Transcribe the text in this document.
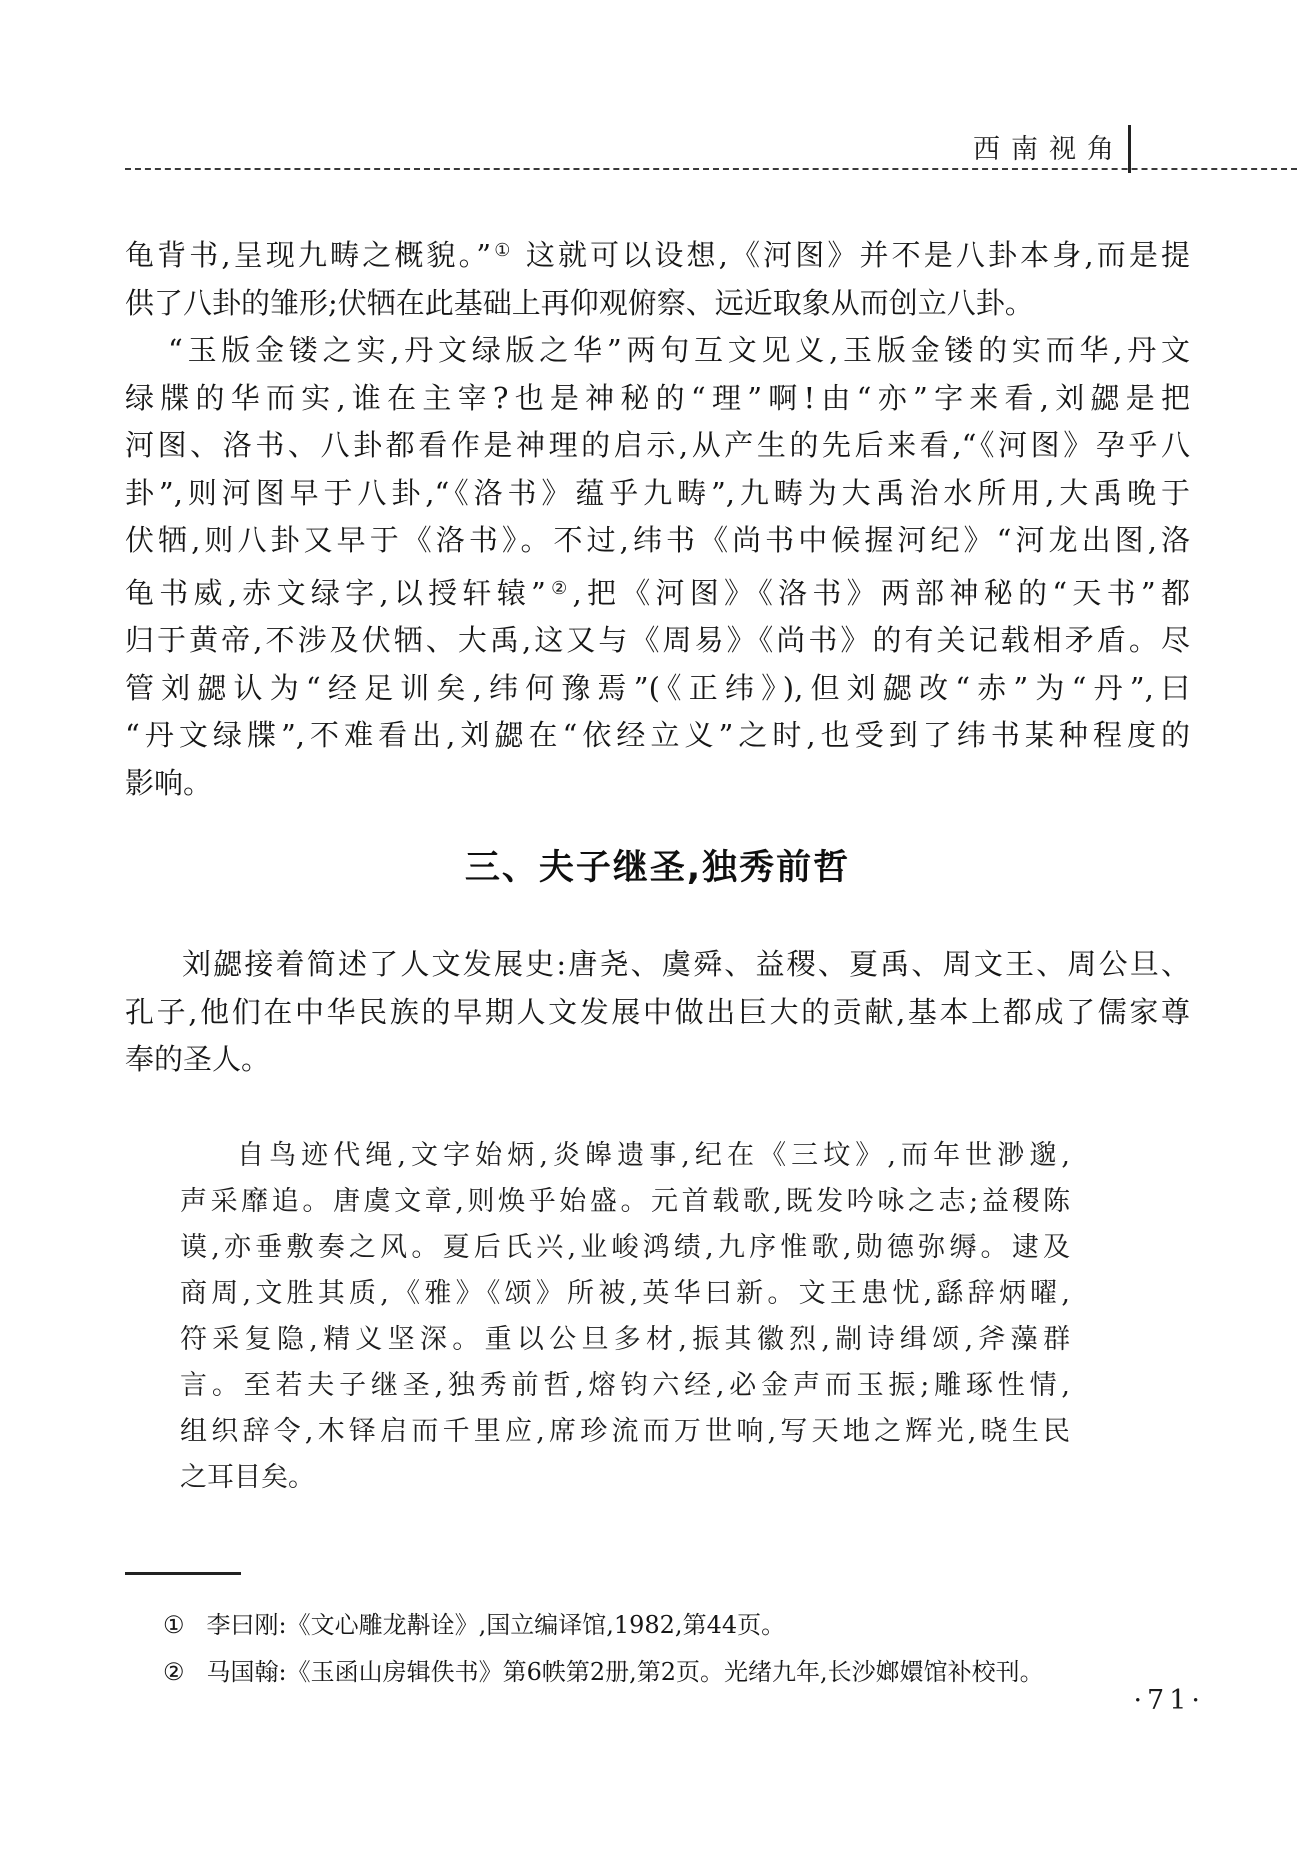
西南视角
龟背书,呈现九畴之概貌。”① 这就可以设想,《河图》并不是八卦本身,而是提
供了八卦的雏形;伏牺在此基础上再仰观俯察、远近取象从而创立八卦。
“玉版金镂之实,丹文绿版之华”两句互文见义,玉版金镂的实而华,丹文
绿牒的华而实,谁在主宰?也是神秘的“理”啊!由“亦”字来看,刘勰是把
河图、洛书、八卦都看作是神理的启示,从产生的先后来看,“《河图》孕乎八
卦”,则河图早于八卦,“《洛书》蕴乎九畴”,九畴为大禹治水所用,大禹晚于
伏牺,则八卦又早于《洛书》。不过,纬书《尚书中候握河纪》“河龙出图,洛
龟书威,赤文绿字,以授轩辕”②,把《河图》《洛书》两部神秘的“天书”都
归于黄帝,不涉及伏牺、大禹,这又与《周易》《尚书》的有关记载相矛盾。尽
管刘勰认为“经足训矣,纬何豫焉”(《正纬》),但刘勰改“赤”为“丹”,曰
“丹文绿牒”,不难看出,刘勰在“依经立义”之时,也受到了纬书某种程度的
影响。
三、夫子继圣,独秀前哲
刘勰接着简述了人文发展史:唐尧、虞舜、益稷、夏禹、周文王、周公旦、
孔子,他们在中华民族的早期人文发展中做出巨大的贡献,基本上都成了儒家尊
奉的圣人。
自鸟迹代绳,文字始炳,炎皞遗事,纪在《三坟》,而年世渺邈,
声采靡追。唐虞文章,则焕乎始盛。元首载歌,既发吟咏之志;益稷陈
谟,亦垂敷奏之风。夏后氏兴,业峻鸿绩,九序惟歌,勋德弥缛。逮及
商周,文胜其质,《雅》《颂》所被,英华曰新。文王患忧,繇辞炳曜,
符采复隐,精义坚深。重以公旦多材,振其徽烈,剬诗缉颂,斧藻群
言。至若夫子继圣,独秀前哲,熔钧六经,必金声而玉振;雕琢性情,
组织辞令,木铎启而千里应,席珍流而万世响,写天地之辉光,晓生民
之耳目矣。
① 李曰刚:《文心雕龙斠诠》,国立编译馆,1982,第44页。
② 马国翰:《玉函山房辑佚书》第6帙第2册,第2页。光绪九年,长沙嫏嬛馆补校刊。
·71·
